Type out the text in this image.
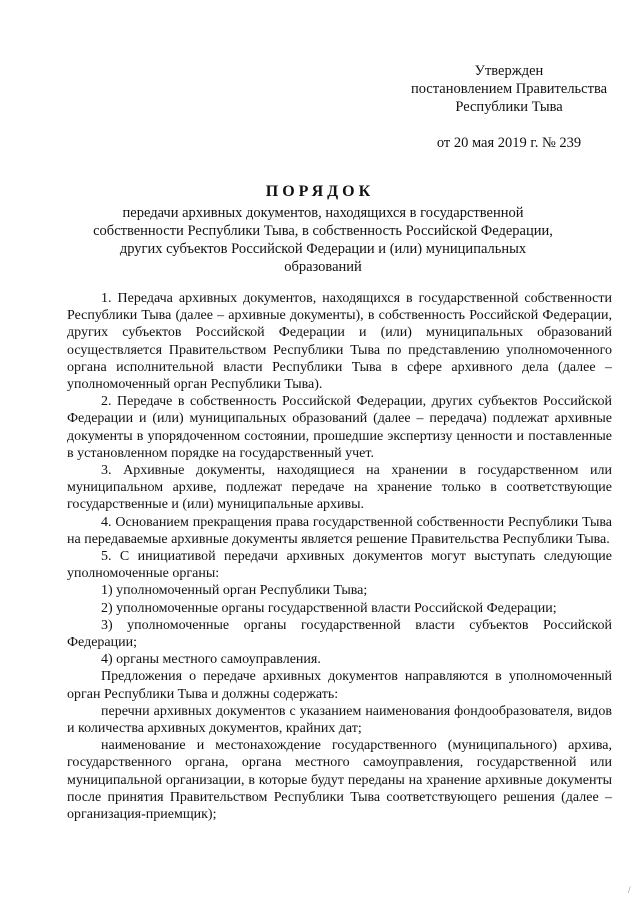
Утвержден
постановлением Правительства
Республики Тыва
от 20 мая 2019 г. № 239
ПОРЯДОК
передачи архивных документов, находящихся в государственной собственности Республики Тыва, в собственность Российской Федерации, других субъектов Российской Федерации и (или) муниципальных образований

1. Передача архивных документов, находящихся в государственной собственности Республики Тыва (далее – архивные документы), в собственность Российской Федерации, других субъектов Российской Федерации и (или) муниципальных образований осуществляется Правительством Республики Тыва по представлению уполномоченного органа исполнительной власти Республики Тыва в сфере архивного дела (далее – уполномоченный орган Республики Тыва).

2. Передаче в собственность Российской Федерации, других субъектов Российской Федерации и (или) муниципальных образований (далее – передача) подлежат архивные документы в упорядоченном состоянии, прошедшие экспертизу ценности и поставленные в установленном порядке на государственный учет.

3. Архивные документы, находящиеся на хранении в государственном или муниципальном архиве, подлежат передаче на хранение только в соответствующие государственные и (или) муниципальные архивы.

4. Основанием прекращения права государственной собственности Республики Тыва на передаваемые архивные документы является решение Правительства Республики Тыва.

5. С инициативой передачи архивных документов могут выступать следующие уполномоченные органы:

1) уполномоченный орган Республики Тыва;

2) уполномоченные органы государственной власти Российской Федерации;

3) уполномоченные органы государственной власти субъектов Российской Федерации;

4) органы местного самоуправления.

Предложения о передаче архивных документов направляются в уполномоченный орган Республики Тыва и должны содержать:

перечни архивных документов с указанием наименования фондообразователя, видов и количества архивных документов, крайних дат;

наименование и местонахождение государственного (муниципального) архива, государственного органа, органа местного самоуправления, государственной или муниципальной организации, в которые будут переданы на хранение архивные документы после принятия Правительством Республики Тыва соответствующего решения (далее – организация-приемщик);

/
